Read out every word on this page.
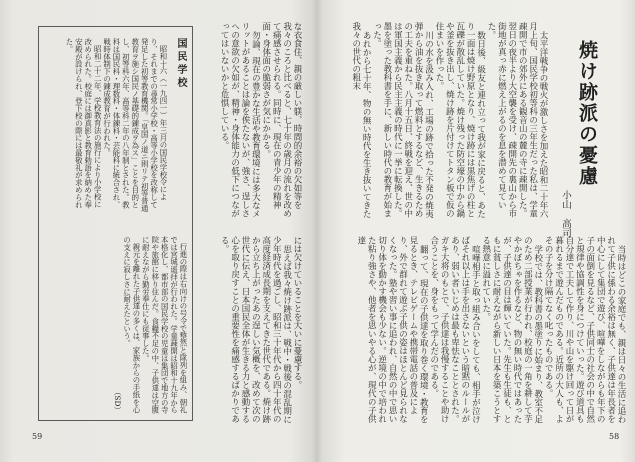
国民学校

昭和十六（一九四一）年三月の国民学校令により、それまでの尋常小学校・高等小学校を改称して発足した初等教育機関。「皇国ノ道ニ則リテ初等普通教育ヲ施シ国民ノ基礎的錬成ヲ為ス」ことを目的とし、初等科六年、高等科二年の八年制とされた。教科は国民科・理数科・体錬科・芸能科に統合され、戦時体制下の錬成教育が行われた。

昭和二十二年、学校教育法の施行により小学校に改められた。校庭には御真影と教育勅語を納めた奉安殿が設けられ、登下校の際には最敬礼が求められた。

行進の際は右向けの号令で整然と隊列を組み、朝礼では宮城遥拝が行われた。学童疎開は昭和十九年から本格化し、都市部の国民学校の児童は集団で地方の寺院や旅館に移り住んだ。食糧不足の中、子供達は空腹に耐えながら勤労奉仕にも従事した。

親元を離れた子供達の多くは、家族からの手紙を心の支えに寂しさに耐えたという。

（SD）

な衣食住、親の厳しい躾、時間的余裕の欠如等を我々のころと比べると、七十年の歳月の流れを改めて痛感させられる。同時に、現在の青少年の精神面・身体面の脆弱さが気にかかる。

勿論、現在の豊かな生活や教育環境には多大なメリットがあることは論を俟たないが、強さ、逞しさへの意欲の欠如が、精神・身体能力の低下につながってはいないかと危惧している。

には欠けていることを大いに憂慮する。

思えば我々焼け跡派は、戦中・戦後の混乱期に少年時代を過ごし、昭和三十年代から四十年代の高度経済成長期を支えてきた世代である。焼け跡から立ち上がったあの逞しい気概を、改めて次の世代に伝え、日本国民全体が生きる力と感動する心を取り戻すことの重要性を痛感するばかりである。

59
焼け跡派の憂慮
小山　高司

太平洋戦争の戦火が激しさを加えた昭和二十年六月上旬、国民学校初等科の三年生だった私は、学童疎開で市の郊外にある観音山の麓の寺に疎開した。翌日の夜半より大空襲を受け、疎開先の裏山から市街地が真っ赤に燃え上がるのを息を潜めて見ていた。

数日後、級友と連れ立って我が家に戻ると、あたり一面は焼け野原となり、焼け跡には黒焦げの柱と瓦礫が散乱していた。焼け残った防空壕の中から鍋や釜を抜き出し、焼け跡を片付けてトタン板で仮の住まいを作った。

川の水を汲み入れ、工場の跡で拾った不発の焼夷弾から油を抜き取って燃料とするなど、生きるための工夫を重ねた。八月十五日、終戦を迎え、世の中は軍国主義から民主主義の時代に一挙に転換した。墨を塗った教科書を手に、新しい時代の教育が始まった。

あれから七十年、物の無い時代を生き抜いてきた我々の世代の粗末

当時はどこの家庭でも、親は日々の生活に追われて子供に係わる余裕は無く、子供達は年長者を中心にして集団で遊び、喧嘩をしながらも年下の子の面倒を見るなど、子供同士の社会の中で自然と規律や協調性を身につけていった。遊び道具も自分達で工夫して作り、川や山を駆け回って日が暮れるまで遊んだものである。近所の大人も、よその子を分け隔てなく叱ったものである。

学校では、教科書の墨塗りに始まり、教室不足のため二部授業が行われ、校庭の一角を耕して芋やかぼちゃを作るなど、物の無い時代ではあったが、子供達の目は輝いていた。先生も生徒も、ともに貧しさに耐えながら新しい日本を築こうとする熱意に溢れていた。

喧嘩相手と取っ組み合いをしても、相手が泣けばそれ以上は手を出さないという暗黙のルールがあり、弱い者いじめは最も卑怯なこととされた。ガキ大将のもとで、子供達は我慢することや助け合うことを、身をもって学んだのである。

翻って、現在の子供達を取り巻く環境・教育を見るとき、テレビゲームや携帯電話の普及により、外で群れて遊ぶ子供の姿はほとんど見られなくなった。塾や習い事に追われ、自然の中で思い切り体を動かす機会も少ない。逆境の中で培われた粘り強さや、他者を思いやる心が、現代の子供達

58
